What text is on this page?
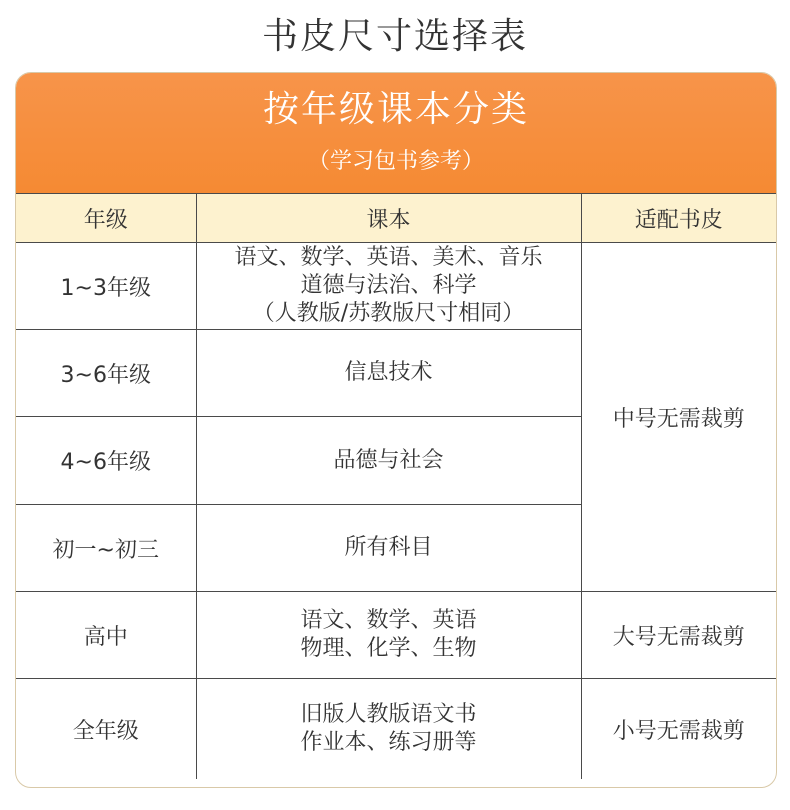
书皮尺寸选择表
按年级课本分类
（学习包书参考）
年级	课本	适配书皮
1~3年级	语文、数学、英语、美术、音乐
道德与法治、科学
（人教版/苏教版尺寸相同）	中号无需裁剪
3~6年级	信息技术	

4~6年级	品德与社会	

初一~初三	所有科目	

高中	语文、数学、英语
物理、化学、生物	大号无需裁剪
全年级	旧版人教版语文书
作业本、练习册等	小号无需裁剪
